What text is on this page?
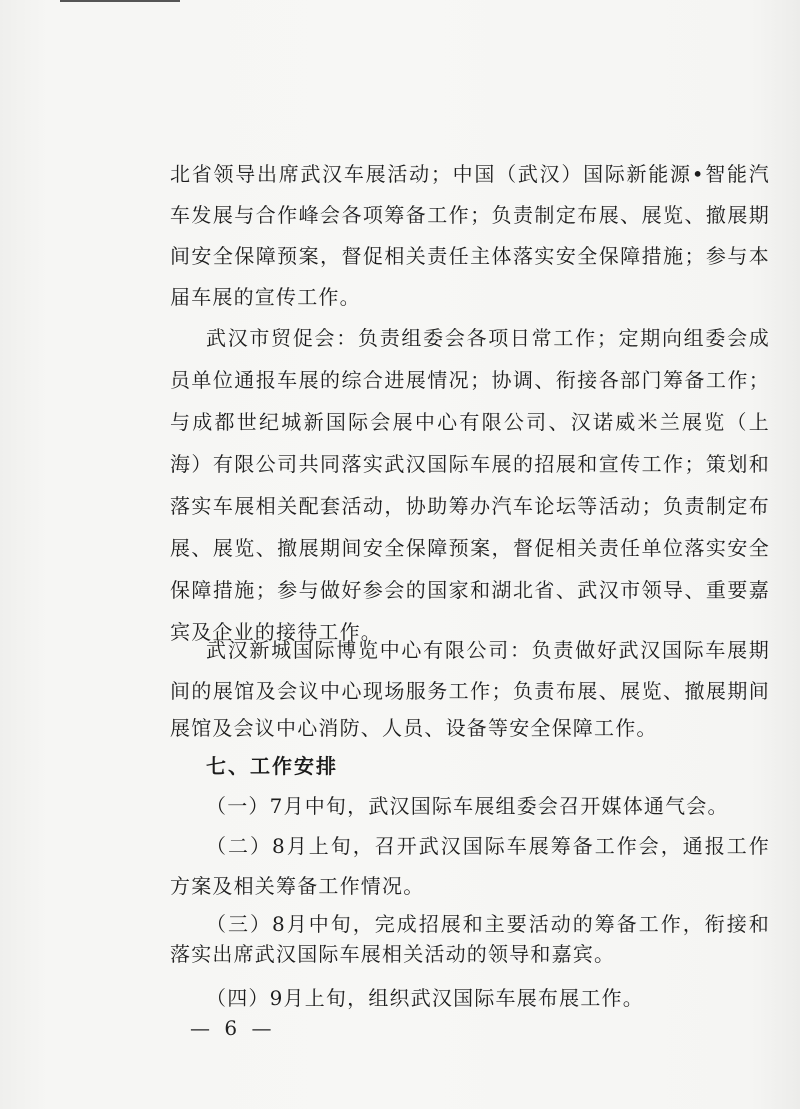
北省领导出席武汉车展活动；中国（武汉）国际新能源•智能汽
车发展与合作峰会各项筹备工作；负责制定布展、展览、撤展期
间安全保障预案，督促相关责任主体落实安全保障措施；参与本
届车展的宣传工作。
武汉市贸促会：负责组委会各项日常工作；定期向组委会成
员单位通报车展的综合进展情况；协调、衔接各部门筹备工作；
与成都世纪城新国际会展中心有限公司、汉诺威米兰展览（上
海）有限公司共同落实武汉国际车展的招展和宣传工作；策划和
落实车展相关配套活动，协助筹办汽车论坛等活动；负责制定布
展、展览、撤展期间安全保障预案，督促相关责任单位落实安全
保障措施；参与做好参会的国家和湖北省、武汉市领导、重要嘉
宾及企业的接待工作。
武汉新城国际博览中心有限公司：负责做好武汉国际车展期
间的展馆及会议中心现场服务工作；负责布展、展览、撤展期间
展馆及会议中心消防、人员、设备等安全保障工作。
七、工作安排
（一）7月中旬，武汉国际车展组委会召开媒体通气会。
（二）8月上旬，召开武汉国际车展筹备工作会，通报工作
方案及相关筹备工作情况。
（三）8月中旬，完成招展和主要活动的筹备工作，衔接和
落实出席武汉国际车展相关活动的领导和嘉宾。
（四）9月上旬，组织武汉国际车展布展工作。
— 6 —
